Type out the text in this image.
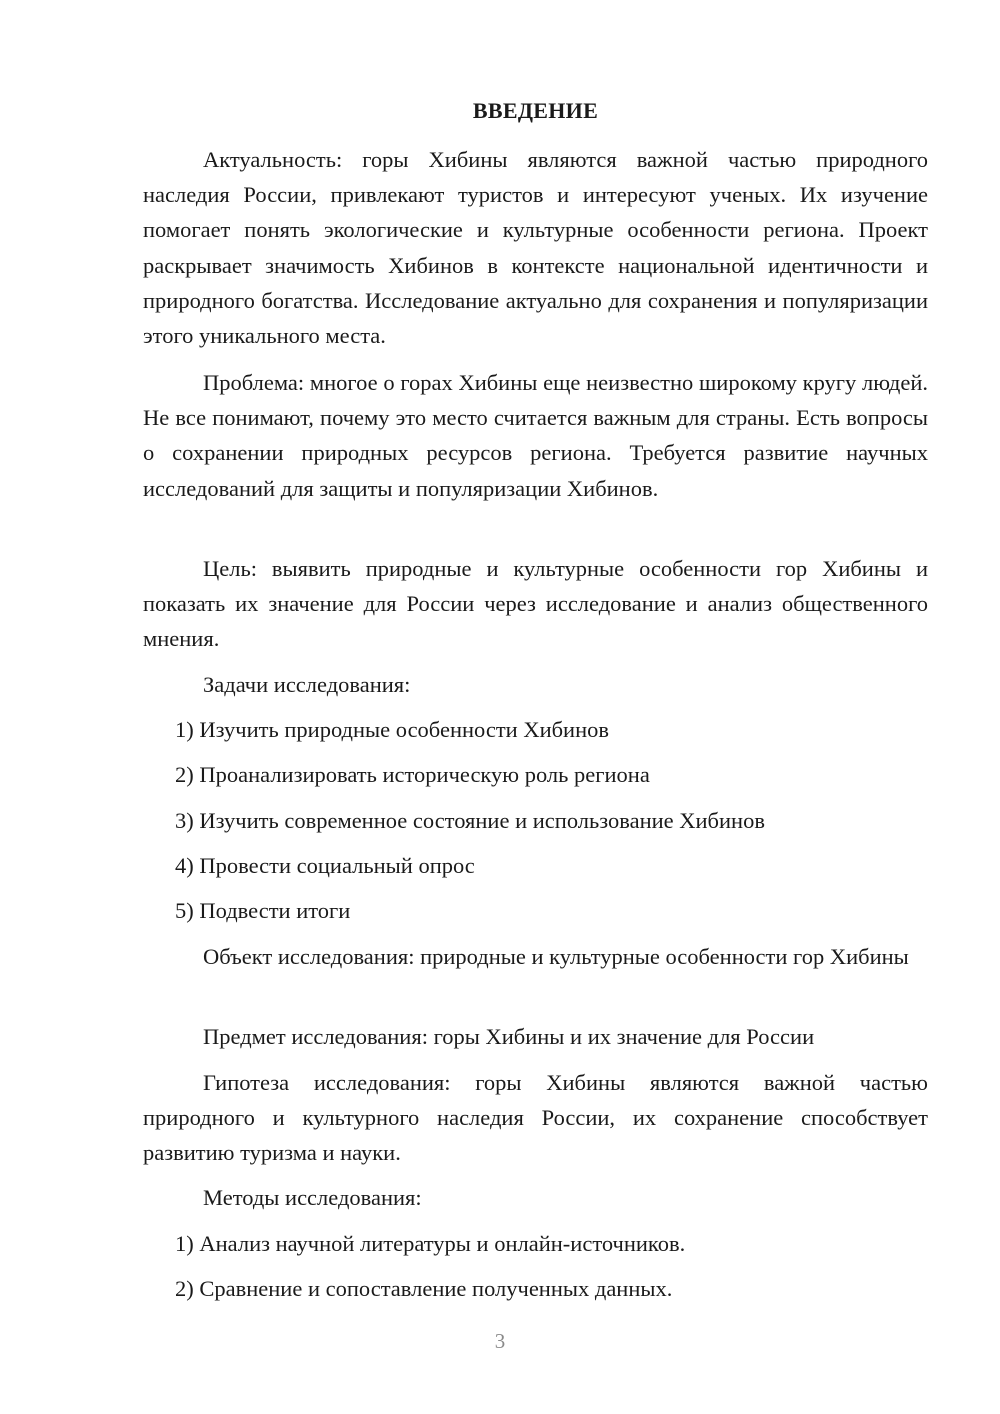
ВВЕДЕНИЕ

Актуальность: горы Хибины являются важной частью природного наследия России, привлекают туристов и интересуют ученых. Их изучение помогает понять экологические и культурные особенности региона. Проект раскрывает значимость Хибинов в контексте национальной идентичности и природного богатства. Исследование актуально для сохранения и популяризации этого уникального места.

Проблема: многое о горах Хибины еще неизвестно широкому кругу людей. Не все понимают, почему это место считается важным для страны. Есть вопросы о сохранении природных ресурсов региона. Требуется развитие научных исследований для защиты и популяризации Хибинов.

Цель: выявить природные и культурные особенности гор Хибины и показать их значение для России через исследование и анализ общественного мнения.

Задачи исследования:

1) Изучить природные особенности Хибинов

2) Проанализировать историческую роль региона

3) Изучить современное состояние и использование Хибинов

4) Провести социальный опрос

5) Подвести итоги

Объект исследования: природные и культурные особенности гор Хибины

Предмет исследования: горы Хибины и их значение для России

Гипотеза исследования: горы Хибины являются важной частью природного и культурного наследия России, их сохранение способствует развитию туризма и науки.

Методы исследования:

1) Анализ научной литературы и онлайн-источников.

2) Сравнение и сопоставление полученных данных.

3
